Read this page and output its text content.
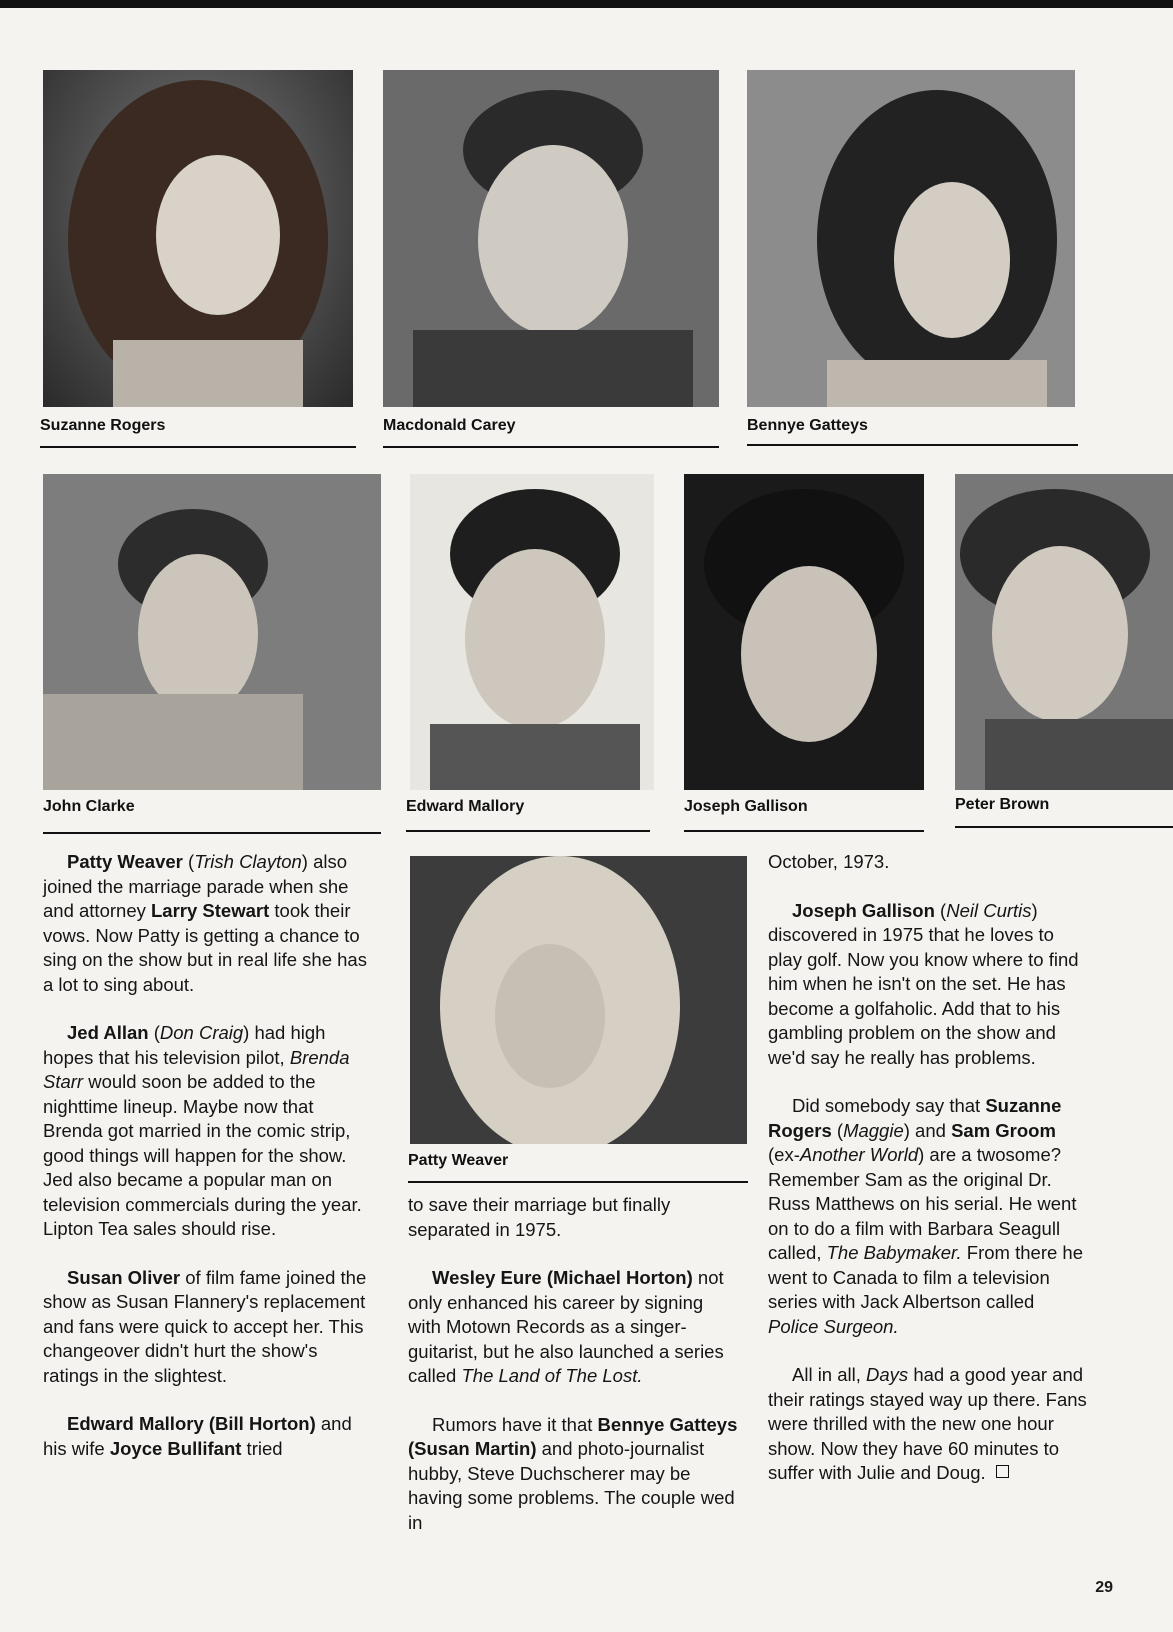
Suzanne Rogers	Macdonald Carey	Bennye Gatteys
John Clarke	Edward Mallory	Joseph Gallison	Peter Brown
Patty Weaver

Patty Weaver (Trish Clayton) also joined the marriage parade when she and attorney Larry Stewart took their vows. Now Patty is getting a chance to sing on the show but in real life she has a lot to sing about.

Jed Allan (Don Craig) had high hopes that his television pilot, Brenda Starr would soon be added to the nighttime lineup. Maybe now that Brenda got married in the comic strip, good things will happen for the show. Jed also became a popular man on television commercials during the year. Lipton Tea sales should rise.

Susan Oliver of film fame joined the show as Susan Flannery's replacement and fans were quick to accept her. This changeover didn't hurt the show's ratings in the slightest.

Edward Mallory (Bill Horton) and his wife Joyce Bullifant tried

to save their marriage but finally separated in 1975.

Wesley Eure (Michael Horton) not only enhanced his career by signing with Motown Records as a singer-guitarist, but he also launched a series called The Land of The Lost.

Rumors have it that Bennye Gatteys (Susan Martin) and photo-journalist hubby, Steve Duchscherer may be having some problems. The couple wed in

October, 1973.

Joseph Gallison (Neil Curtis) discovered in 1975 that he loves to play golf. Now you know where to find him when he isn't on the set. He has become a golfaholic. Add that to his gambling problem on the show and we'd say he really has problems.

Did somebody say that Suzanne Rogers (Maggie) and Sam Groom (ex-Another World) are a twosome? Remember Sam as the original Dr. Russ Matthews on his serial. He went on to do a film with Barbara Seagull called, The Babymaker. From there he went to Canada to film a television series with Jack Albertson called Police Surgeon.

All in all, Days had a good year and their ratings stayed way up there. Fans were thrilled with the new one hour show. Now they have 60 minutes to suffer with Julie and Doug.

29
